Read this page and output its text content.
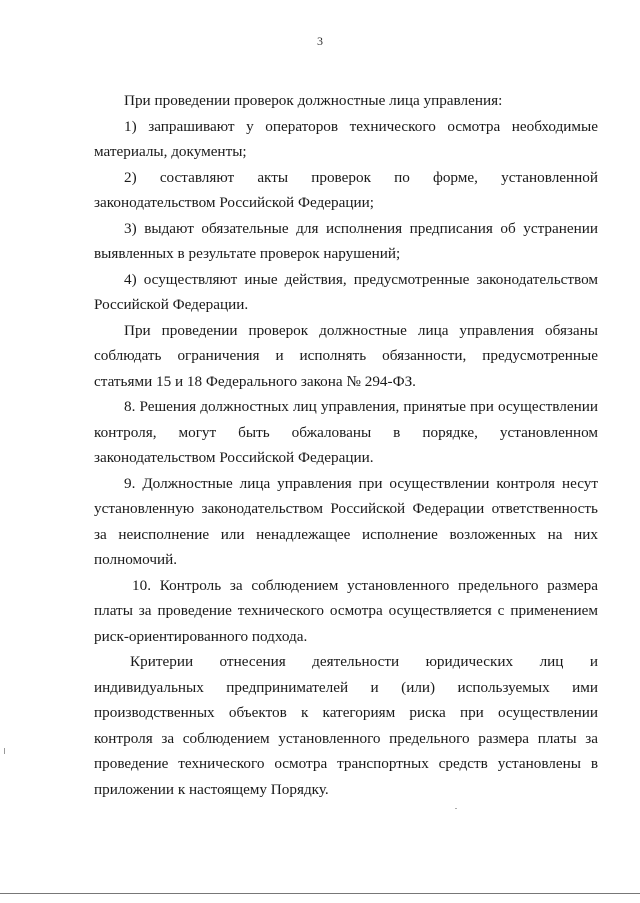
3

При проведении проверок должностные лица управления:

1) запрашивают у операторов технического осмотра необходимые материалы, документы;

2) составляют акты проверок по форме, установленной

законодательством Российской Федерации;

3) выдают обязательные для исполнения предписания об устранении выявленных в результате проверок нарушений;

4) осуществляют иные действия, предусмотренные законодательством Российской Федерации.

При проведении проверок должностные лица управления обязаны соблюдать ограничения и исполнять обязанности, предусмотренные статьями 15 и 18 Федерального закона № 294-ФЗ.

8. Решения должностных лиц управления, принятые при осуществлении

контроля, могут быть обжалованы в порядке, установленном

законодательством Российской Федерации.

9. Должностные лица управления при осуществлении контроля несут установленную законодательством Российской Федерации ответственность за неисполнение или ненадлежащее исполнение возложенных на них полномочий.

10. Контроль за соблюдением установленного предельного размера платы за проведение технического осмотра осуществляется с применением риск-ориентированного подхода.

Критерии отнесения деятельности юридических лиц и индивидуальных предпринимателей и (или) используемых ими производственных объектов к категориям риска при осуществлении контроля за соблюдением установленного предельного размера платы за проведение технического осмотра транспортных средств установлены в приложении к настоящему Порядку.
